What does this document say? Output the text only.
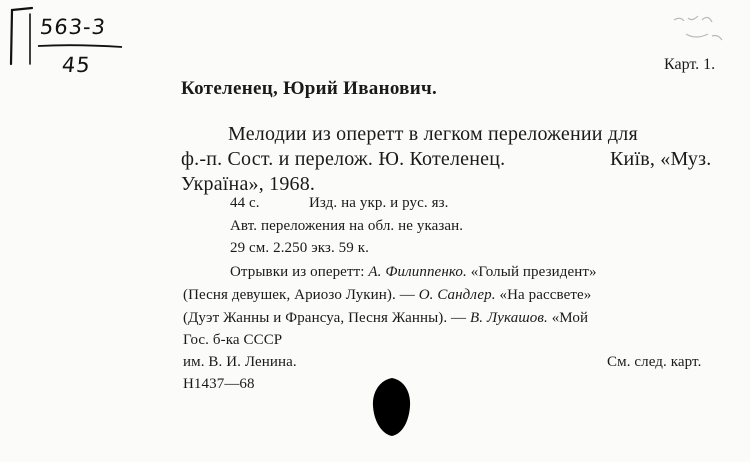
563-3
45	Карт. 1.
Котеленец, Юрий Иванович.
Мелодии из оперетт в легком переложении для
ф.-п. Сост. и перелож. Ю. Котеленец.	Київ, «Муз.
Україна», 1968.
44 с.	Изд. на укр. и рус. яз.
Авт. переложения на обл. не указан.
29 см. 2.250 экз. 59 к.
Отрывки из оперетт: А. Филиппенко. «Голый президент»
(Песня девушек, Ариозо Лукин). — О. Сандлер. «На рассвете»
(Дуэт Жанны и Франсуа, Песня Жанны). — В. Лукашов. «Мой
Гос. б-ка СССР
им. В. И. Ленина.	См. след. карт.
Н1437—68
